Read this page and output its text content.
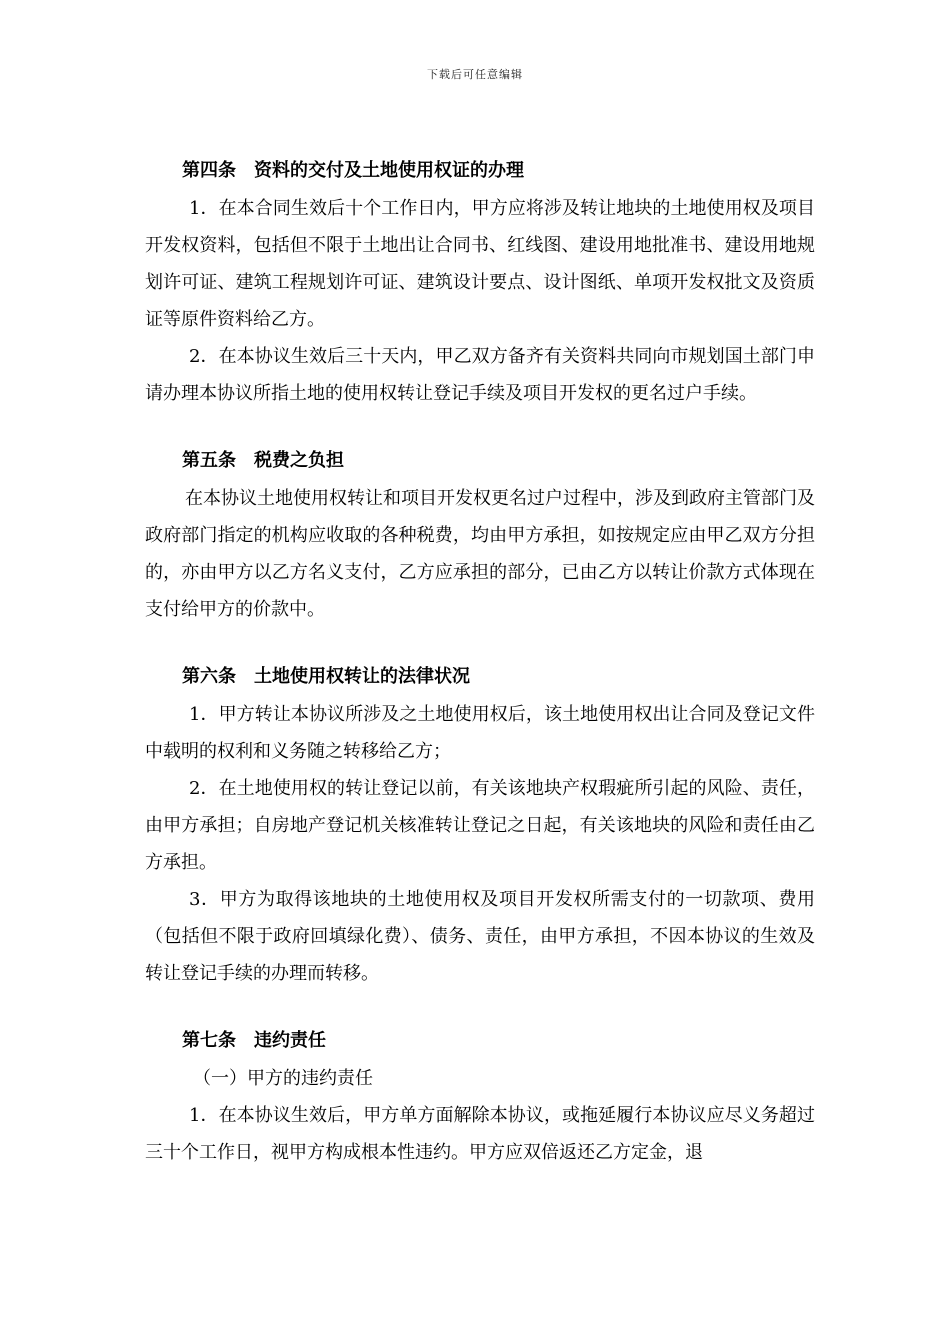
下载后可任意编辑
第四条　资料的交付及土地使用权证的办理
1．在本合同生效后十个工作日内，甲方应将涉及转让地块的土地使用权及项目开发权资料，包括但不限于土地出让合同书、红线图、建设用地批准书、建设用地规划许可证、建筑工程规划许可证、建筑设计要点、设计图纸、单项开发权批文及资质证等原件资料给乙方。
2．在本协议生效后三十天内，甲乙双方备齐有关资料共同向市规划国土部门申请办理本协议所指土地的使用权转让登记手续及项目开发权的更名过户手续。
第五条　税费之负担
在本协议土地使用权转让和项目开发权更名过户过程中，涉及到政府主管部门及政府部门指定的机构应收取的各种税费，均由甲方承担，如按规定应由甲乙双方分担的，亦由甲方以乙方名义支付，乙方应承担的部分，已由乙方以转让价款方式体现在支付给甲方的价款中。
第六条　土地使用权转让的法律状况
1．甲方转让本协议所涉及之土地使用权后，该土地使用权出让合同及登记文件中载明的权利和义务随之转移给乙方；
2．在土地使用权的转让登记以前，有关该地块产权瑕疵所引起的风险、责任，由甲方承担；自房地产登记机关核准转让登记之日起，有关该地块的风险和责任由乙方承担。
3．甲方为取得该地块的土地使用权及项目开发权所需支付的一切款项、费用（包括但不限于政府回填绿化费）、债务、责任，由甲方承担，不因本协议的生效及转让登记手续的办理而转移。
第七条　违约责任
（一）甲方的违约责任
1．在本协议生效后，甲方单方面解除本协议，或拖延履行本协议应尽义务超过三十个工作日，视甲方构成根本性违约。甲方应双倍返还乙方定金，退
